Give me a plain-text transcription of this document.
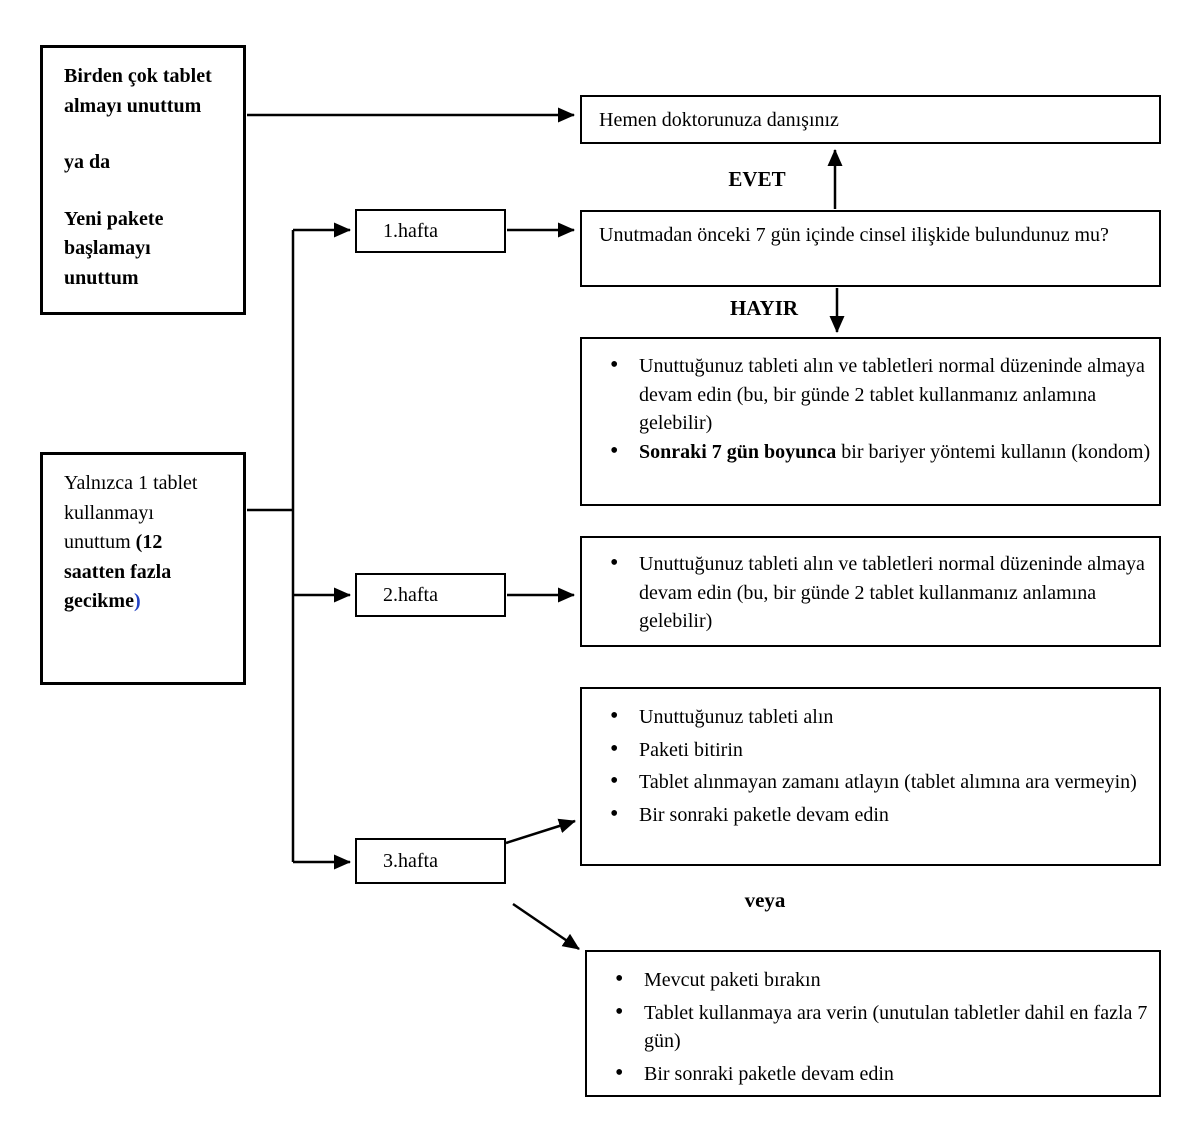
Birden çok tablet almayı unuttum

ya da

Yeni pakete başlamayı unuttum

Yalnızca 1 tablet kullanmayı unuttum (12 saatten fazla gecikme)

1.hafta
2.hafta
3.hafta
Hemen doktorunuza danışınız
Unutmadan önceki 7 gün içinde cinsel ilişkide bulundunuz mu?
• Unuttuğunuz tableti alın ve tabletleri normal düzeninde almaya devam edin (bu, bir günde 2 tablet kullanmanız anlamına gelebilir)
• Sonraki 7 gün boyunca bir bariyer yöntemi kullanın (kondom)
• Unuttuğunuz tableti alın ve tabletleri normal düzeninde almaya devam edin (bu, bir günde 2 tablet kullanmanız anlamına gelebilir)
• Unuttuğunuz tableti alın
• Paketi bitirin
• Tablet alınmayan zamanı atlayın (tablet alımına ara vermeyin)
• Bir sonraki paketle devam edin
• Mevcut paketi bırakın
• Tablet kullanmaya ara verin (unutulan tabletler dahil en fazla 7 gün)
• Bir sonraki paketle devam edin
EVET
HAYIR
veya
